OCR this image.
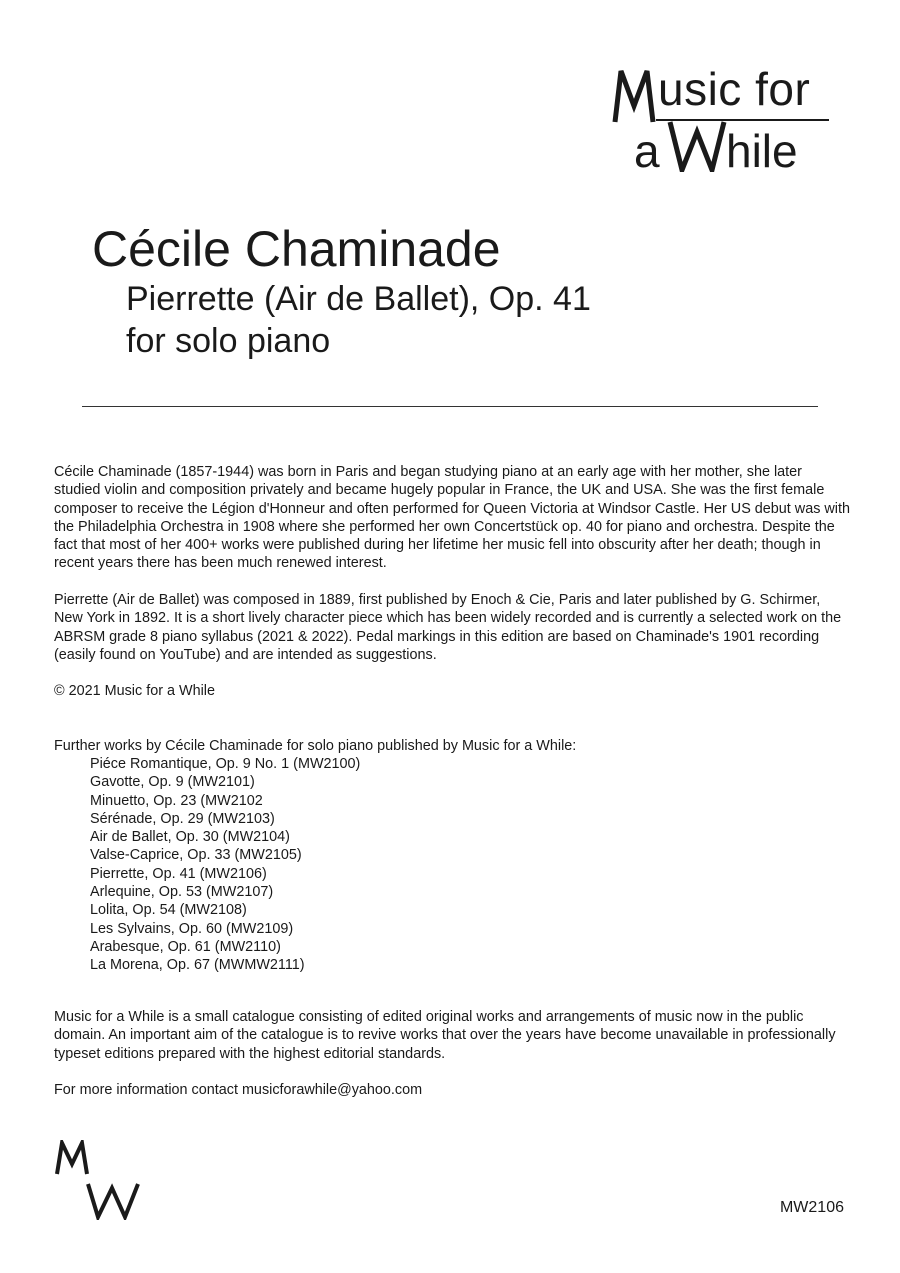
usic for
a hile
Cécile Chaminade
Pierrette (Air de Ballet), Op. 41
for solo piano

Cécile Chaminade (1857-1944) was born in Paris and began studying piano at an early age with her mother, she later studied violin and composition privately and became hugely popular in France, the UK and USA. She was the first female composer to receive the Légion d'Honneur and often performed for Queen Victoria at Windsor Castle. Her US debut was with the Philadelphia Orchestra in 1908 where she performed her own Concertstück op. 40 for piano and orchestra. Despite the fact that most of her 400+ works were published during her lifetime her music fell into obscurity after her death; though in recent years there has been much renewed interest.

Pierrette (Air de Ballet) was composed in 1889, first published by Enoch & Cie, Paris and later published by G. Schirmer, New York in 1892. It is a short lively character piece which has been widely recorded and is currently a selected work on the ABRSM grade 8 piano syllabus (2021 & 2022). Pedal markings in this edition are based on Chaminade's 1901 recording (easily found on YouTube) and are intended as suggestions.

© 2021 Music for a While

Further works by Cécile Chaminade for solo piano published by Music for a While:

Piéce Romantique, Op. 9 No. 1 (MW2100)
Gavotte, Op. 9 (MW2101)
Minuetto, Op. 23 (MW2102
Sérénade, Op. 29 (MW2103)
Air de Ballet, Op. 30 (MW2104)
Valse-Caprice, Op. 33 (MW2105)
Pierrette, Op. 41 (MW2106)
Arlequine, Op. 53 (MW2107)
Lolita, Op. 54 (MW2108)
Les Sylvains, Op. 60 (MW2109)
Arabesque, Op. 61 (MW2110)
La Morena, Op. 67 (MWMW2111)

Music for a While is a small catalogue consisting of edited original works and arrangements of music now in the public domain. An important aim of the catalogue is to revive works that over the years have become unavailable in professionally typeset editions prepared with the highest editorial standards.

For more information contact musicforawhile@yahoo.com

MW2106
